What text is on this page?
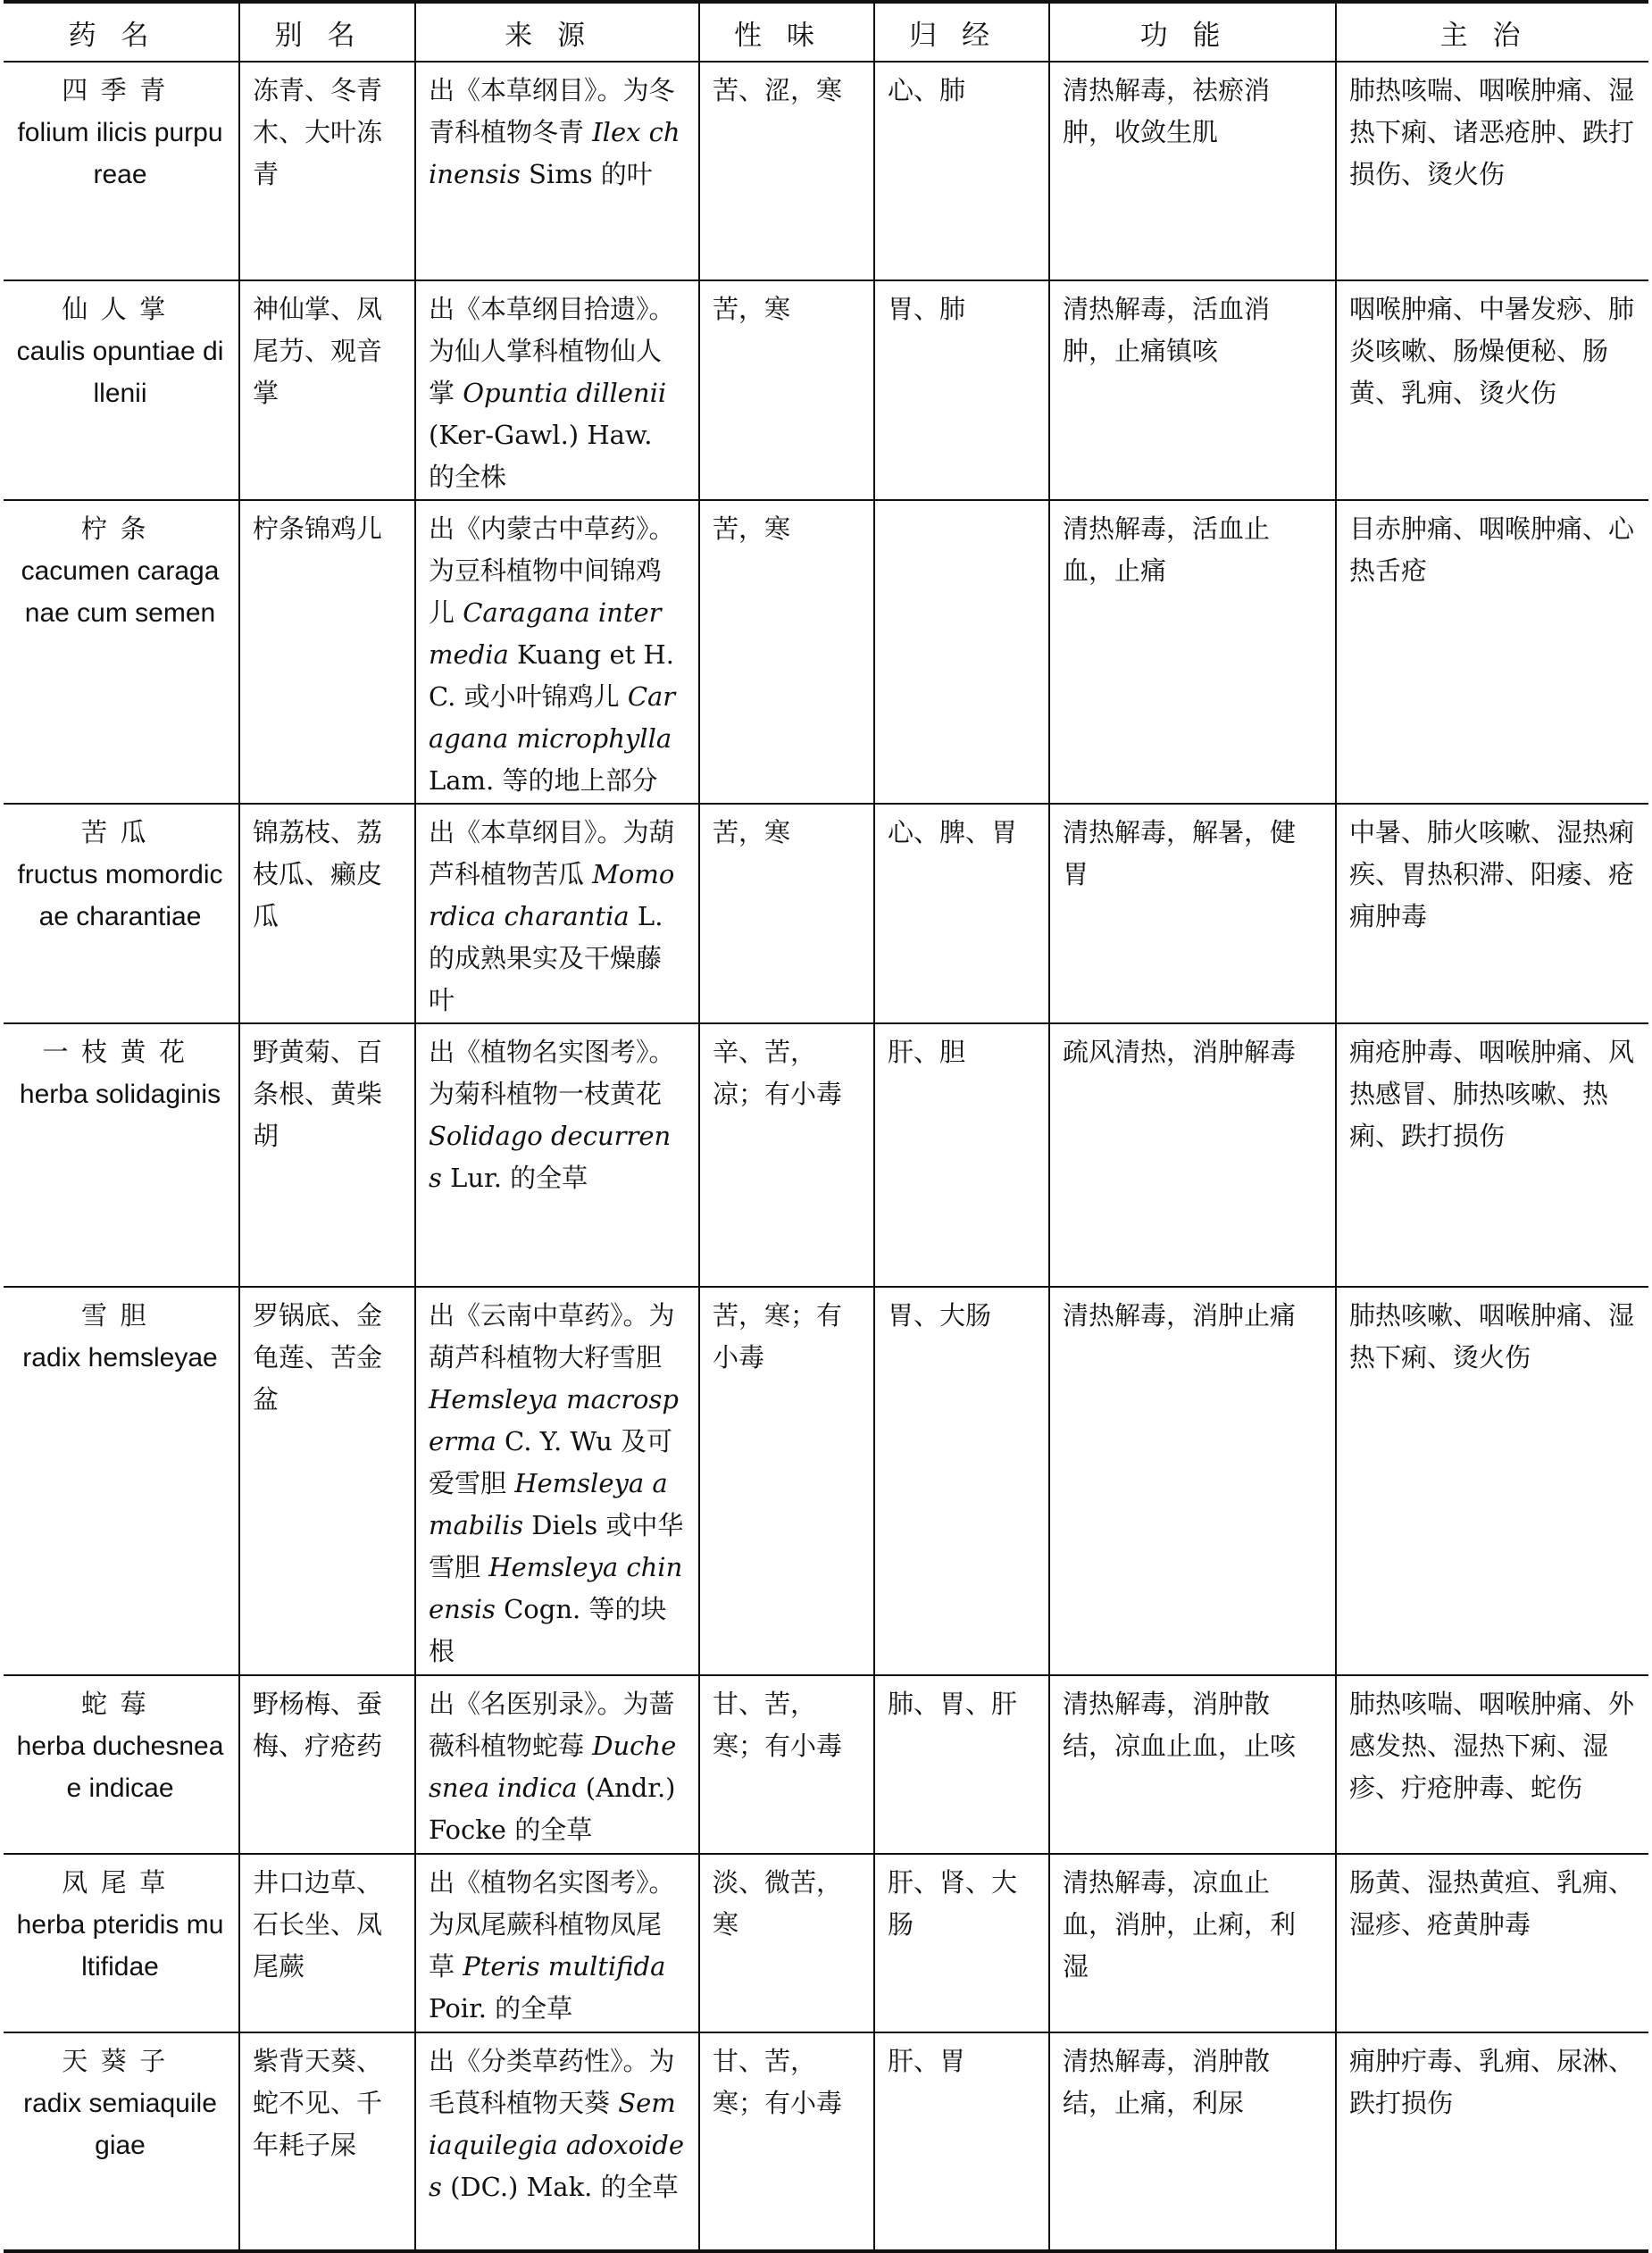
药名	别名	来源	性味	归经	功能	主治

四季青
folium ilicis purpureae	冻青、冬青木、大叶冻青	出《本草纲目》。为冬青科植物冬青 Ilex chinensis Sims 的叶	苦、涩，寒	心、肺	清热解毒，祛瘀消肿，收敛生肌	肺热咳喘、咽喉肿痛、湿热下痢、诸恶疮肿、跌打损伤、烫火伤

仙人掌
caulis opuntiae dillenii	神仙掌、凤尾芀、观音掌	出《本草纲目拾遗》。为仙人掌科植物仙人掌 Opuntia dillenii (Ker-Gawl.) Haw. 的全株	苦，寒	胃、肺	清热解毒，活血消肿，止痛镇咳	咽喉肿痛、中暑发痧、肺炎咳嗽、肠燥便秘、肠黄、乳痈、烫火伤

柠条
cacumen caraganae cum semen	柠条锦鸡儿	出《内蒙古中草药》。为豆科植物中间锦鸡儿 Caragana intermedia Kuang et H. C. 或小叶锦鸡儿 Caragana microphylla Lam. 等的地上部分	苦，寒		清热解毒，活血止血，止痛	目赤肿痛、咽喉肿痛、心热舌疮

苦瓜
fructus momordicae charantiae	锦荔枝、荔枝瓜、癞皮瓜	出《本草纲目》。为葫芦科植物苦瓜 Momordica charantia L. 的成熟果实及干燥藤叶	苦，寒	心、脾、胃	清热解毒，解暑，健胃	中暑、肺火咳嗽、湿热痢疾、胃热积滞、阳痿、疮痈肿毒

一枝黄花
herba solidaginis	野黄菊、百条根、黄柴胡	出《植物名实图考》。为菊科植物一枝黄花 Solidago decurrens Lur. 的全草	辛、苦，凉；有小毒	肝、胆	疏风清热，消肿解毒	痈疮肿毒、咽喉肿痛、风热感冒、肺热咳嗽、热痢、跌打损伤

雪胆
radix hemsleyae	罗锅底、金龟莲、苦金盆	出《云南中草药》。为葫芦科植物大籽雪胆 Hemsleya macrosperma C. Y. Wu 及可爱雪胆 Hemsleya amabilis Diels 或中华雪胆 Hemsleya chinensis Cogn. 等的块根	苦，寒；有小毒	胃、大肠	清热解毒，消肿止痛	肺热咳嗽、咽喉肿痛、湿热下痢、烫火伤

蛇莓
herba duchesneae indicae	野杨梅、蚕梅、疗疮药	出《名医别录》。为蔷薇科植物蛇莓 Duchesnea indica (Andr.) Focke 的全草	甘、苦，寒；有小毒	肺、胃、肝	清热解毒，消肿散结，凉血止血，止咳	肺热咳喘、咽喉肿痛、外感发热、湿热下痢、湿疹、疔疮肿毒、蛇伤

凤尾草
herba pteridis multifidae	井口边草、石长坐、凤尾蕨	出《植物名实图考》。为凤尾蕨科植物凤尾草 Pteris multifida Poir. 的全草	淡、微苦，寒	肝、肾、大肠	清热解毒，凉血止血，消肿，止痢，利湿	肠黄、湿热黄疸、乳痈、湿疹、疮黄肿毒

天葵子
radix semiaquilegiae	紫背天葵、蛇不见、千年耗子屎	出《分类草药性》。为毛茛科植物天葵 Semiaquilegia adoxoides (DC.) Mak. 的全草	甘、苦，寒；有小毒	肝、胃	清热解毒，消肿散结，止痛，利尿	痈肿疔毒、乳痈、尿淋、跌打损伤
